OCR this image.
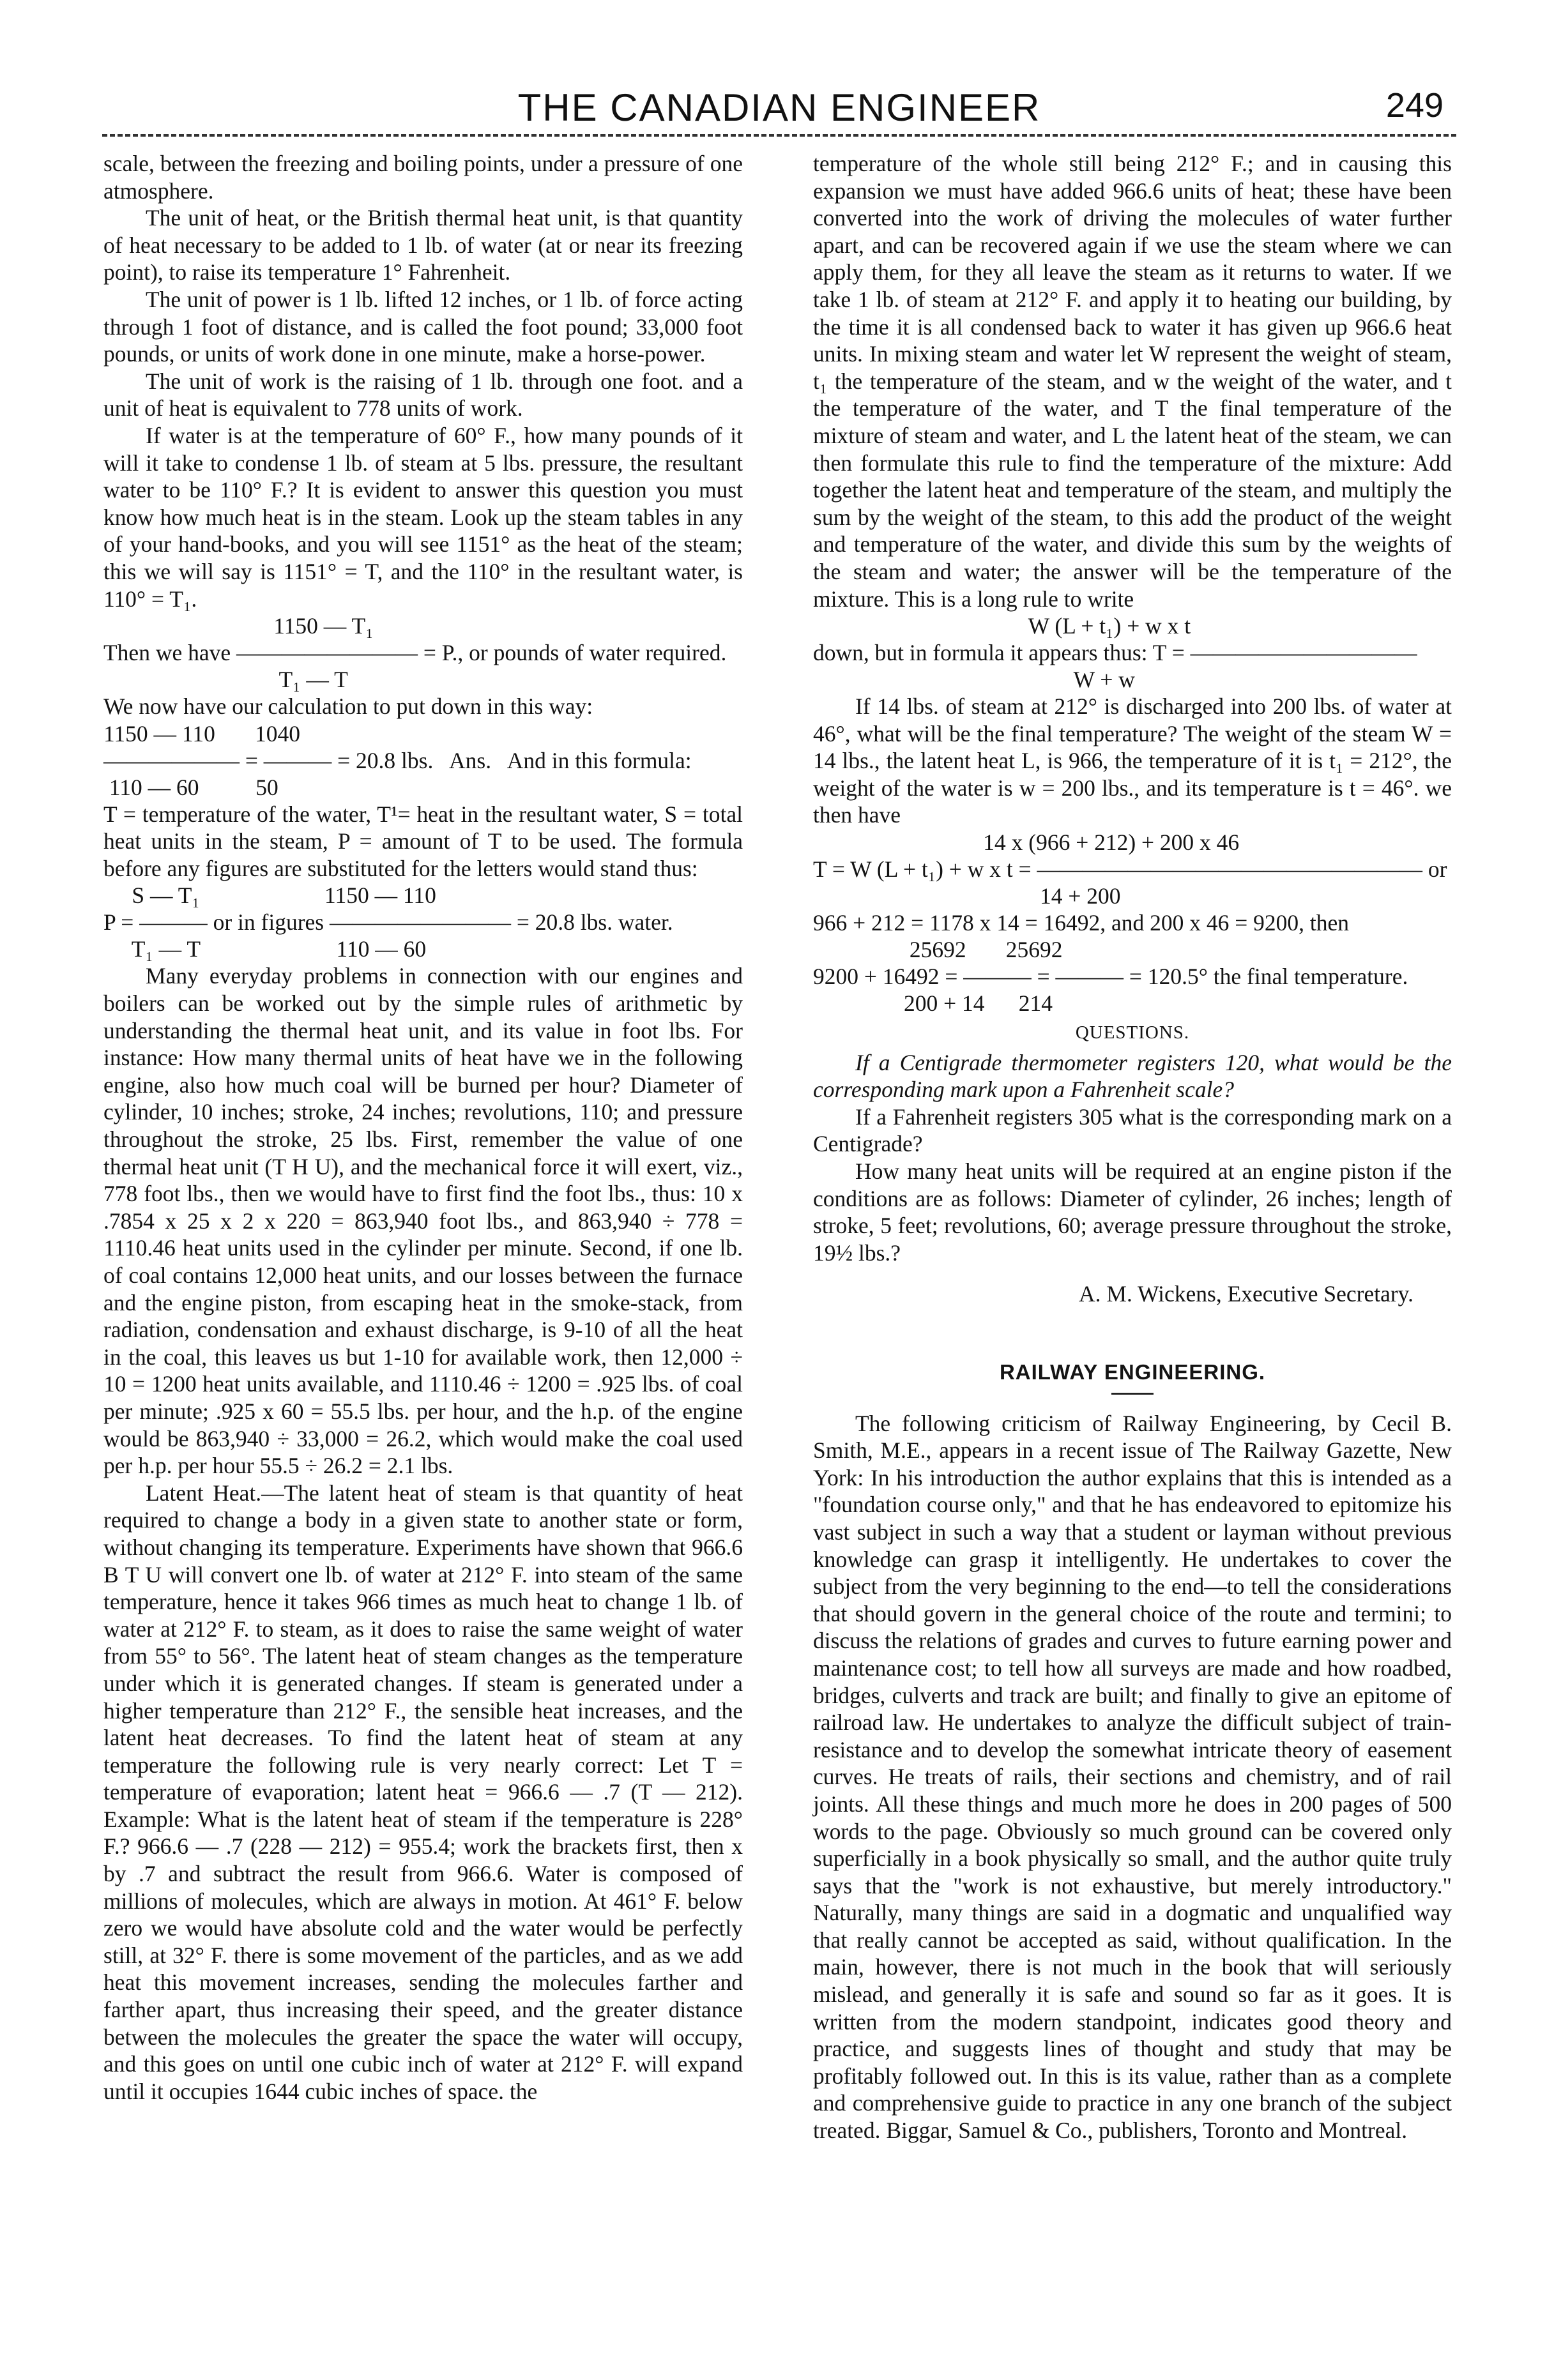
THE CANADIAN ENGINEER	249

scale, between the freezing and boiling points, under a pressure of one atmosphere.

The unit of heat, or the British thermal heat unit, is that quantity of heat necessary to be added to 1 lb. of water (at or near its freezing point), to raise its temperature 1° Fahrenheit.

The unit of power is 1 lb. lifted 12 inches, or 1 lb. of force acting through 1 foot of distance, and is called the foot pound; 33,000 foot pounds, or units of work done in one minute, make a horse-power.

The unit of work is the raising of 1 lb. through one foot. and a unit of heat is equivalent to 778 units of work.

If water is at the temperature of 60° F., how many pounds of it will it take to condense 1 lb. of steam at 5 lbs. pressure, the resultant water to be 110° F.? It is evident to answer this question you must know how much heat is in the steam. Look up the steam tables in any of your hand-books, and you will see 1151° as the heat of the steam; this we will say is 1151° = T, and the 110° in the resultant water, is 110° = T₁.

1150 — T₁
Then we have ———————— = P., or pounds of water required.
T₁ — T

We now have our calculation to put down in this way:

1150 — 110       1040
—————— = ——— = 20.8 lbs.   Ans.   And in this formula:
110 — 60          50

T = temperature of the water, T¹= heat in the resultant water, S = total heat units in the steam, P = amount of T to be used. The formula before any figures are substituted for the letters would stand thus:

S — T₁                      1150 — 110
P = ——— or in figures ———————— = 20.8 lbs. water.
T₁ — T                        110 — 60

Many everyday problems in connection with our engines and boilers can be worked out by the simple rules of arithmetic by understanding the thermal heat unit, and its value in foot lbs. For instance: How many thermal units of heat have we in the following engine, also how much coal will be burned per hour? Diameter of cylinder, 10 inches; stroke, 24 inches; revolutions, 110; and pressure throughout the stroke, 25 lbs. First, remember the value of one thermal heat unit (T H U), and the mechanical force it will exert, viz., 778 foot lbs., then we would have to first find the foot lbs., thus: 10 x .7854 x 25 x 2 x 220 = 863,940 foot lbs., and 863,940 ÷ 778 = 1110.46 heat units used in the cylinder per minute. Second, if one lb. of coal contains 12,000 heat units, and our losses between the furnace and the engine piston, from escaping heat in the smoke-stack, from radiation, condensation and exhaust discharge, is 9-10 of all the heat in the coal, this leaves us but 1-10 for available work, then 12,000 ÷ 10 = 1200 heat units available, and 1110.46 ÷ 1200 = .925 lbs. of coal per minute; .925 x 60 = 55.5 lbs. per hour, and the h.p. of the engine would be 863,940 ÷ 33,000 = 26.2, which would make the coal used per h.p. per hour 55.5 ÷ 26.2 = 2.1 lbs.

Latent Heat.—The latent heat of steam is that quantity of heat required to change a body in a given state to another state or form, without changing its temperature. Experiments have shown that 966.6 B T U will convert one lb. of water at 212° F. into steam of the same temperature, hence it takes 966 times as much heat to change 1 lb. of water at 212° F. to steam, as it does to raise the same weight of water from 55° to 56°. The latent heat of steam changes as the temperature under which it is generated changes. If steam is generated under a higher temperature than 212° F., the sensible heat increases, and the latent heat decreases. To find the latent heat of steam at any temperature the following rule is very nearly correct: Let T = temperature of evaporation; latent heat = 966.6 — .7 (T — 212). Example: What is the latent heat of steam if the temperature is 228° F.? 966.6 — .7 (228 — 212) = 955.4; work the brackets first, then x by .7 and subtract the result from 966.6. Water is composed of millions of molecules, which are always in motion. At 461° F. below zero we would have absolute cold and the water would be perfectly still, at 32° F. there is some movement of the particles, and as we add heat this movement increases, sending the molecules farther and farther apart, thus increasing their speed, and the greater distance between the molecules the greater the space the water will occupy, and this goes on until one cubic inch of water at 212° F. will expand until it occupies 1644 cubic inches of space. the

temperature of the whole still being 212° F.; and in causing this expansion we must have added 966.6 units of heat; these have been converted into the work of driving the molecules of water further apart, and can be recovered again if we use the steam where we can apply them, for they all leave the steam as it returns to water. If we take 1 lb. of steam at 212° F. and apply it to heating our building, by the time it is all condensed back to water it has given up 966.6 heat units. In mixing steam and water let W represent the weight of steam, t₁ the temperature of the steam, and w the weight of the water, and t the temperature of the water, and T the final temperature of the mixture of steam and water, and L the latent heat of the steam, we can then formulate this rule to find the temperature of the mixture: Add together the latent heat and temperature of the steam, and multiply the sum by the weight of the steam, to this add the product of the weight and temperature of the water, and divide this sum by the weights of the steam and water; the answer will be the temperature of the mixture. This is a long rule to write

W (L + t₁) + w x t
down, but in formula it appears thus: T = ——————————
W + w

If 14 lbs. of steam at 212° is discharged into 200 lbs. of water at 46°, what will be the final temperature? The weight of the steam W = 14 lbs., the latent heat L, is 966, the temperature of it is t₁ = 212°, the weight of the water is w = 200 lbs., and its temperature is t = 46°. we then have

14 x (966 + 212) + 200 x 46
T = W (L + t₁) + w x t = ————————————————— or
14 + 200
966 + 212 = 1178 x 14 = 16492, and 200 x 46 = 9200, then
25692       25692
9200 + 16492 = ——— = ——— = 120.5° the final temperature.
200 + 14      214
QUESTIONS.

If a Centigrade thermometer registers 120, what would be the corresponding mark upon a Fahrenheit scale?

If a Fahrenheit registers 305 what is the corresponding mark on a Centigrade?

How many heat units will be required at an engine piston if the conditions are as follows: Diameter of cylinder, 26 inches; length of stroke, 5 feet; revolutions, 60; average pressure throughout the stroke, 19½ lbs.?

A. M. Wickens, Executive Secretary.
RAILWAY ENGINEERING.

The following criticism of Railway Engineering, by Cecil B. Smith, M.E., appears in a recent issue of The Railway Gazette, New York: In his introduction the author explains that this is intended as a "foundation course only," and that he has endeavored to epitomize his vast subject in such a way that a student or layman without previous knowledge can grasp it intelligently. He undertakes to cover the subject from the very beginning to the end—to tell the considerations that should govern in the general choice of the route and termini; to discuss the relations of grades and curves to future earning power and maintenance cost; to tell how all surveys are made and how roadbed, bridges, culverts and track are built; and finally to give an epitome of railroad law. He undertakes to analyze the difficult subject of train-resistance and to develop the somewhat intricate theory of easement curves. He treats of rails, their sections and chemistry, and of rail joints. All these things and much more he does in 200 pages of 500 words to the page. Obviously so much ground can be covered only superficially in a book physically so small, and the author quite truly says that the "work is not exhaustive, but merely introductory." Naturally, many things are said in a dogmatic and unqualified way that really cannot be accepted as said, without qualification. In the main, however, there is not much in the book that will seriously mislead, and generally it is safe and sound so far as it goes. It is written from the modern standpoint, indicates good theory and practice, and suggests lines of thought and study that may be profitably followed out. In this is its value, rather than as a complete and comprehensive guide to practice in any one branch of the subject treated. Biggar, Samuel & Co., publishers, Toronto and Montreal.
